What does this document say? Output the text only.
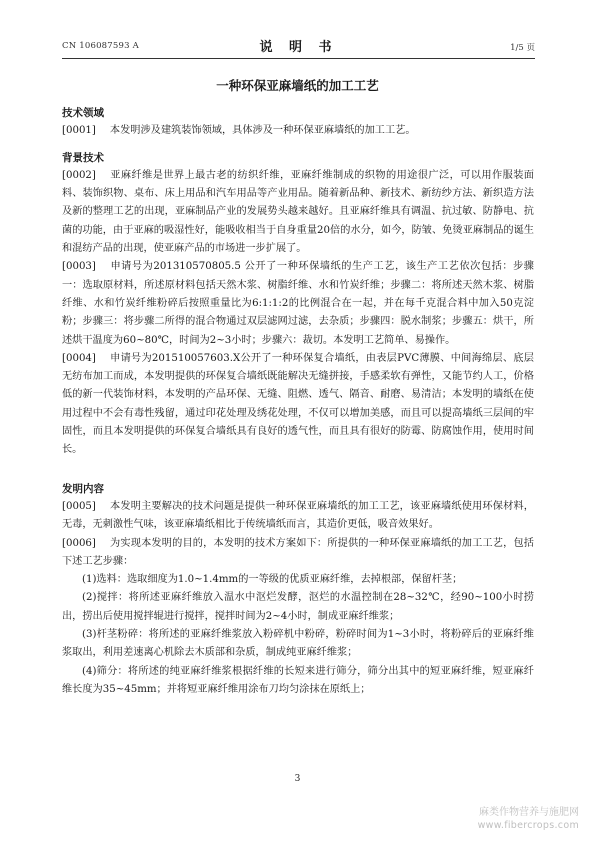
CN 106087593 A	说 明 书	1/5 页
一种环保亚麻墙纸的加工工艺

技术领域

[0001] 本发明涉及建筑装饰领域，具体涉及一种环保亚麻墙纸的加工工艺。

背景技术

[0002] 亚麻纤维是世界上最古老的纺织纤维，亚麻纤维制成的织物的用途很广泛，可以用作服装面料、装饰织物、桌布、床上用品和汽车用品等产业用品。随着新品种、新技术、新纺纱方法、新织造方法及新的整理工艺的出现，亚麻制品产业的发展势头越来越好。且亚麻纤维具有调温、抗过敏、防静电、抗菌的功能，由于亚麻的吸湿性好，能吸收相当于自身重量20倍的水分，如今，防皱、免烫亚麻制品的诞生和混纺产品的出现，使亚麻产品的市场进一步扩展了。

[0003] 申请号为201310570805.5 公开了一种环保墙纸的生产工艺，该生产工艺依次包括：步骤一：选取原材料，所述原材料包括天然木浆、树脂纤维、水和竹炭纤维；步骤二：将所述天然木浆、树脂纤维、水和竹炭纤维粉碎后按照重量比为6:1:1:2的比例混合在一起，并在每千克混合料中加入50克淀粉；步骤三：将步骤二所得的混合物通过双层滤网过滤，去杂质；步骤四：脱水制浆；步骤五：烘干，所述烘干温度为60~80℃，时间为2~3小时；步骤六：裁切。本发明工艺简单、易操作。

[0004] 申请号为201510057603.X公开了一种环保复合墙纸，由表层PVC薄膜、中间海绵层、底层无纺布加工而成，本发明提供的环保复合墙纸既能解决无缝拼接，手感柔软有弹性，又能节约人工，价格低的新一代装饰材料，本发明的产品环保、无缝、阻燃、透气、隔音、耐磨、易清洁；本发明的墙纸在使用过程中不会有毒性残留，通过印花处理及绣花处理，不仅可以增加美感，而且可以提高墙纸三层间的牢固性，而且本发明提供的环保复合墙纸具有良好的透气性，而且具有很好的防霉、防腐蚀作用，使用时间长。

发明内容

[0005] 本发明主要解决的技术问题是提供一种环保亚麻墙纸的加工工艺，该亚麻墙纸使用环保材料，无毒，无刺激性气味，该亚麻墙纸相比于传统墙纸而言，其造价更低，吸音效果好。

[0006] 为实现本发明的目的，本发明的技术方案如下：所提供的一种环保亚麻墙纸的加工工艺，包括下述工艺步骤：

(1)选料：选取细度为1.0~1.4mm的一等级的优质亚麻纤维，去掉根部，保留杆茎；

(2)搅拌：将所述亚麻纤维放入温水中沤烂发酵，沤烂的水温控制在28~32℃，经90~100小时捞出，捞出后使用搅拌辊进行搅拌，搅拌时间为2~4小时，制成亚麻纤维浆；

(3)杆茎粉碎：将所述的亚麻纤维浆放入粉碎机中粉碎，粉碎时间为1~3小时，将粉碎后的亚麻纤维浆取出，利用差速离心机除去木质部和杂质，制成纯亚麻纤维浆；

(4)筛分：将所述的纯亚麻纤维浆根据纤维的长短来进行筛分，筛分出其中的短亚麻纤维，短亚麻纤维长度为35~45mm；并将短亚麻纤维用涂布刀均匀涂抹在原纸上；

3
麻类作物营养与施肥网
www.fibercrops.com
